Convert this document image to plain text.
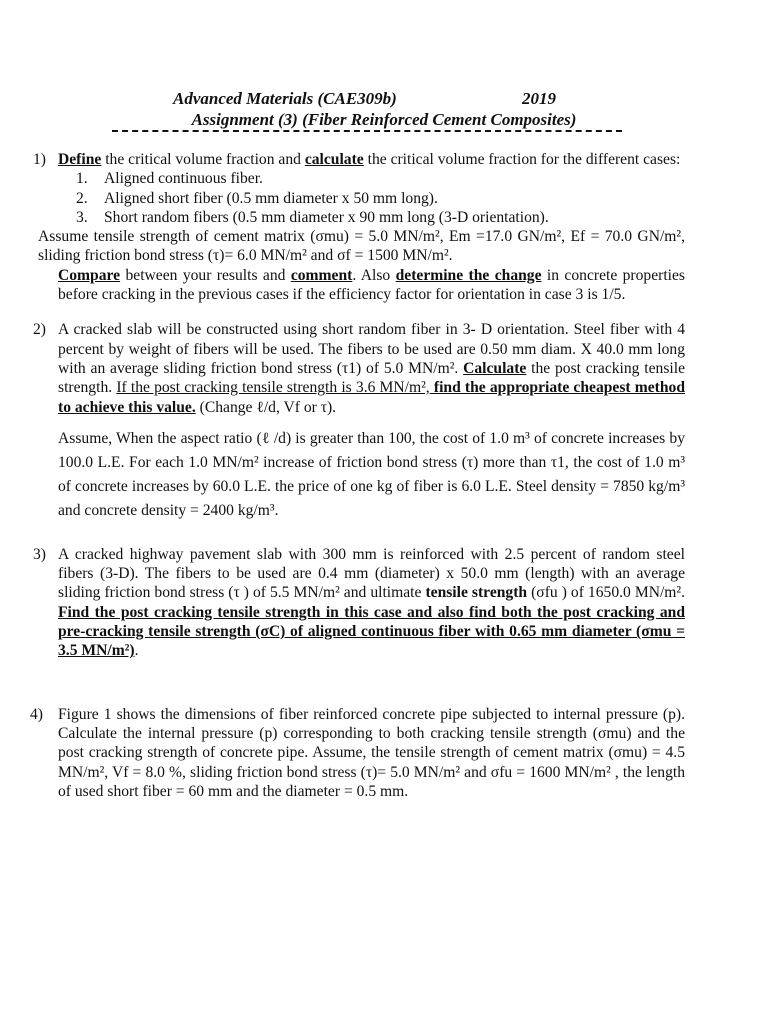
Advanced Materials (CAE309b)	2019
Assignment (3) (Fiber Reinforced Cement Composites)
1) Define the critical volume fraction and calculate the critical volume fraction for the different cases:

1. Aligned continuous fiber.
2. Aligned short fiber (0.5 mm diameter x 50 mm long).
3. Short random fibers (0.5 mm diameter x 90 mm long (3-D orientation).

Assume tensile strength of cement matrix (σmu) = 5.0 MN/m², Em =17.0 GN/m², Ef = 70.0 GN/m², sliding friction bond stress (τ)= 6.0 MN/m² and σf = 1500 MN/m².

Compare between your results and comment. Also determine the change in concrete properties before cracking in the previous cases if the efficiency factor for orientation in case 3 is 1/5.

2) A cracked slab will be constructed using short random fiber in 3- D orientation. Steel fiber with 4 percent by weight of fibers will be used. The fibers to be used are 0.50 mm diam. X 40.0 mm long with an average sliding friction bond stress (τ1) of 5.0 MN/m². Calculate the post cracking tensile strength. If the post cracking tensile strength is 3.6 MN/m², find the appropriate cheapest method to achieve this value. (Change ℓ/d, Vf or τ).

Assume, When the aspect ratio (ℓ /d) is greater than 100, the cost of 1.0 m³ of concrete increases by 100.0 L.E. For each 1.0 MN/m² increase of friction bond stress (τ) more than τ1, the cost of 1.0 m³ of concrete increases by 60.0 L.E. the price of one kg of fiber is 6.0 L.E. Steel density = 7850 kg/m³ and concrete density = 2400 kg/m³.

3) A cracked highway pavement slab with 300 mm is reinforced with 2.5 percent of random steel fibers (3-D). The fibers to be used are 0.4 mm (diameter) x 50.0 mm (length) with an average sliding friction bond stress (τ ) of 5.5 MN/m² and ultimate tensile strength (σfu ) of 1650.0 MN/m². Find the post cracking tensile strength in this case and also find both the post cracking and pre-cracking tensile strength (σC) of aligned continuous fiber with 0.65 mm diameter (σmu = 3.5 MN/m²).

4) Figure 1 shows the dimensions of fiber reinforced concrete pipe subjected to internal pressure (p). Calculate the internal pressure (p) corresponding to both cracking tensile strength (σmu) and the post cracking strength of concrete pipe. Assume, the tensile strength of cement matrix (σmu) = 4.5 MN/m², Vf = 8.0 %, sliding friction bond stress (τ)= 5.0 MN/m² and σfu = 1600 MN/m² , the length of used short fiber = 60 mm and the diameter = 0.5 mm.
